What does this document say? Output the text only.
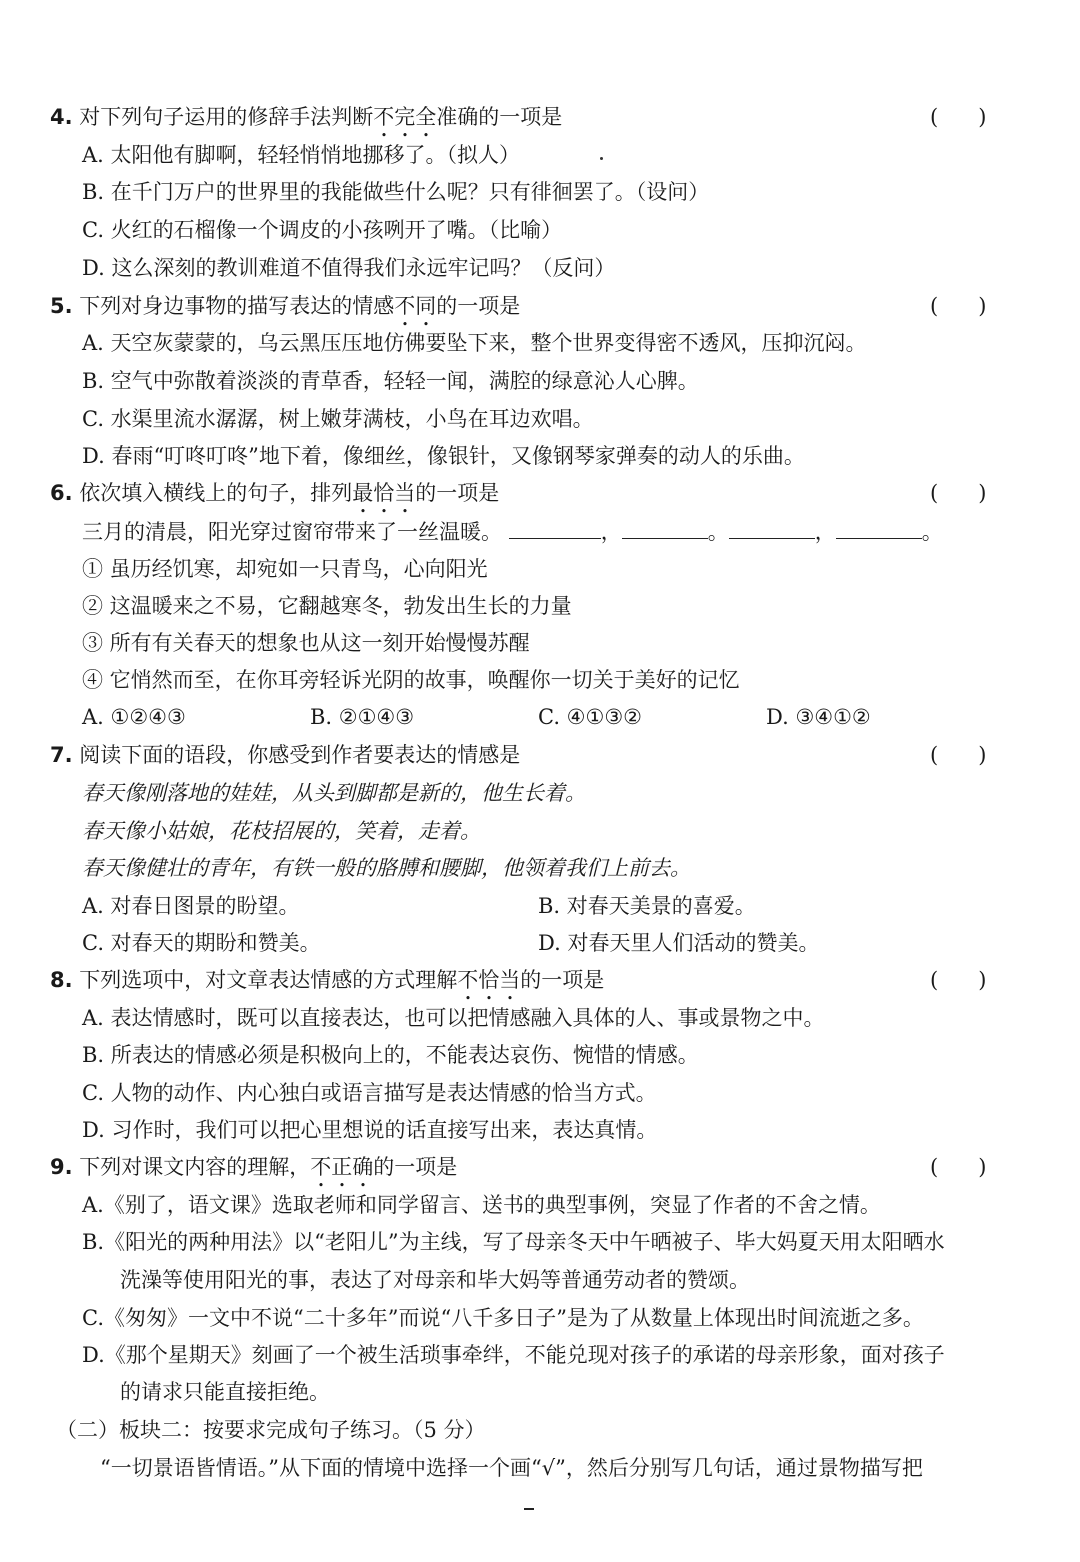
4. 对下列句子运用的修辞手法判断不完全准确的一项是	(      )
A. 太阳他有脚啊，轻轻悄悄地挪移了。（拟人）
B. 在千门万户的世界里的我能做些什么呢？只有徘徊罢了。（设问）
C. 火红的石榴像一个调皮的小孩咧开了嘴。（比喻）
D. 这么深刻的教训难道不值得我们永远牢记吗？（反问）
5. 下列对身边事物的描写表达的情感不同的一项是	(      )
A. 天空灰蒙蒙的，乌云黑压压地仿佛要坠下来，整个世界变得密不透风，压抑沉闷。
B. 空气中弥散着淡淡的青草香，轻轻一闻，满腔的绿意沁人心脾。
C. 水渠里流水潺潺，树上嫩芽满枝，小鸟在耳边欢唱。
D. 春雨“叮咚叮咚”地下着，像细丝，像银针，又像钢琴家弹奏的动人的乐曲。
6. 依次填入横线上的句子，排列最恰当的一项是	(      )
三月的清晨，阳光穿过窗帘带来了一丝温暖。	，	。	，	。
① 虽历经饥寒，却宛如一只青鸟，心向阳光
② 这温暖来之不易，它翻越寒冬，勃发出生长的力量
③ 所有有关春天的想象也从这一刻开始慢慢苏醒
④ 它悄然而至，在你耳旁轻诉光阴的故事，唤醒你一切关于美好的记忆
A. ①②④③	B. ②①④③	C. ④①③②	D. ③④①②
7. 阅读下面的语段，你感受到作者要表达的情感是	(      )
春天像刚落地的娃娃，从头到脚都是新的，他生长着。
春天像小姑娘，花枝招展的，笑着，走着。
春天像健壮的青年，有铁一般的胳膊和腰脚，他领着我们上前去。
A. 对春日图景的盼望。	B. 对春天美景的喜爱。
C. 对春天的期盼和赞美。	D. 对春天里人们活动的赞美。
8. 下列选项中，对文章表达情感的方式理解不恰当的一项是	(      )
A. 表达情感时，既可以直接表达，也可以把情感融入具体的人、事或景物之中。
B. 所表达的情感必须是积极向上的，不能表达哀伤、惋惜的情感。
C. 人物的动作、内心独白或语言描写是表达情感的恰当方式。
D. 习作时，我们可以把心里想说的话直接写出来，表达真情。
9. 下列对课文内容的理解，不正确的一项是	(      )
A.《别了，语文课》选取老师和同学留言、送书的典型事例，突显了作者的不舍之情。
B.《阳光的两种用法》以“老阳儿”为主线，写了母亲冬天中午晒被子、毕大妈夏天用太阳晒水
洗澡等使用阳光的事，表达了对母亲和毕大妈等普通劳动者的赞颂。
C.《匆匆》一文中不说“二十多年”而说“八千多日子”是为了从数量上体现出时间流逝之多。
D.《那个星期天》刻画了一个被生活琐事牵绊，不能兑现对孩子的承诺的母亲形象，面对孩子
的请求只能直接拒绝。
（二）板块二：按要求完成句子练习。（5 分）
“一切景语皆情语。”从下面的情境中选择一个画“√”，然后分别写几句话，通过景物描写把
